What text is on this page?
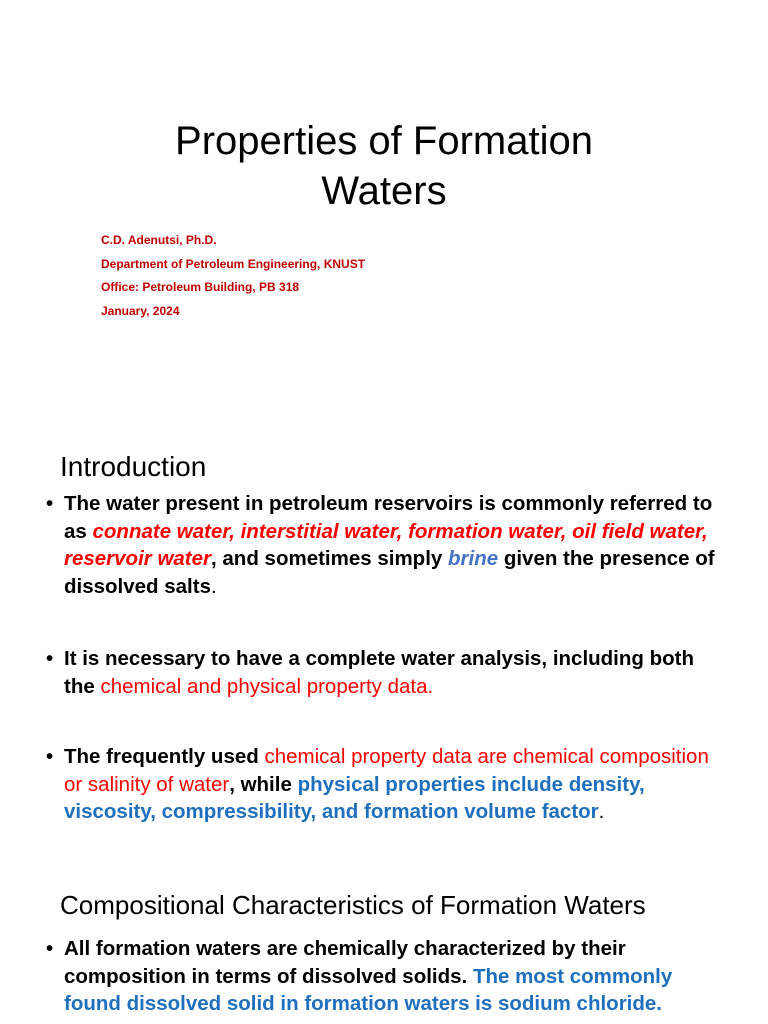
Properties of Formation
Waters
C.D. Adenutsi, Ph.D.
Department of Petroleum Engineering, KNUST
Office: Petroleum Building, PB 318
January, 2024
Introduction
• The water present in petroleum reservoirs is commonly referred to as connate water, interstitial water, formation water, oil field water, reservoir water, and sometimes simply brine given the presence of dissolved salts.
• It is necessary to have a complete water analysis, including both the chemical and physical property data.
• The frequently used chemical property data are chemical composition or salinity of water, while physical properties include density, viscosity, compressibility, and formation volume factor.
Compositional Characteristics of Formation Waters
• All formation waters are chemically characterized by their composition in terms of dissolved solids. The most commonly found dissolved solid in formation waters is sodium chloride.
